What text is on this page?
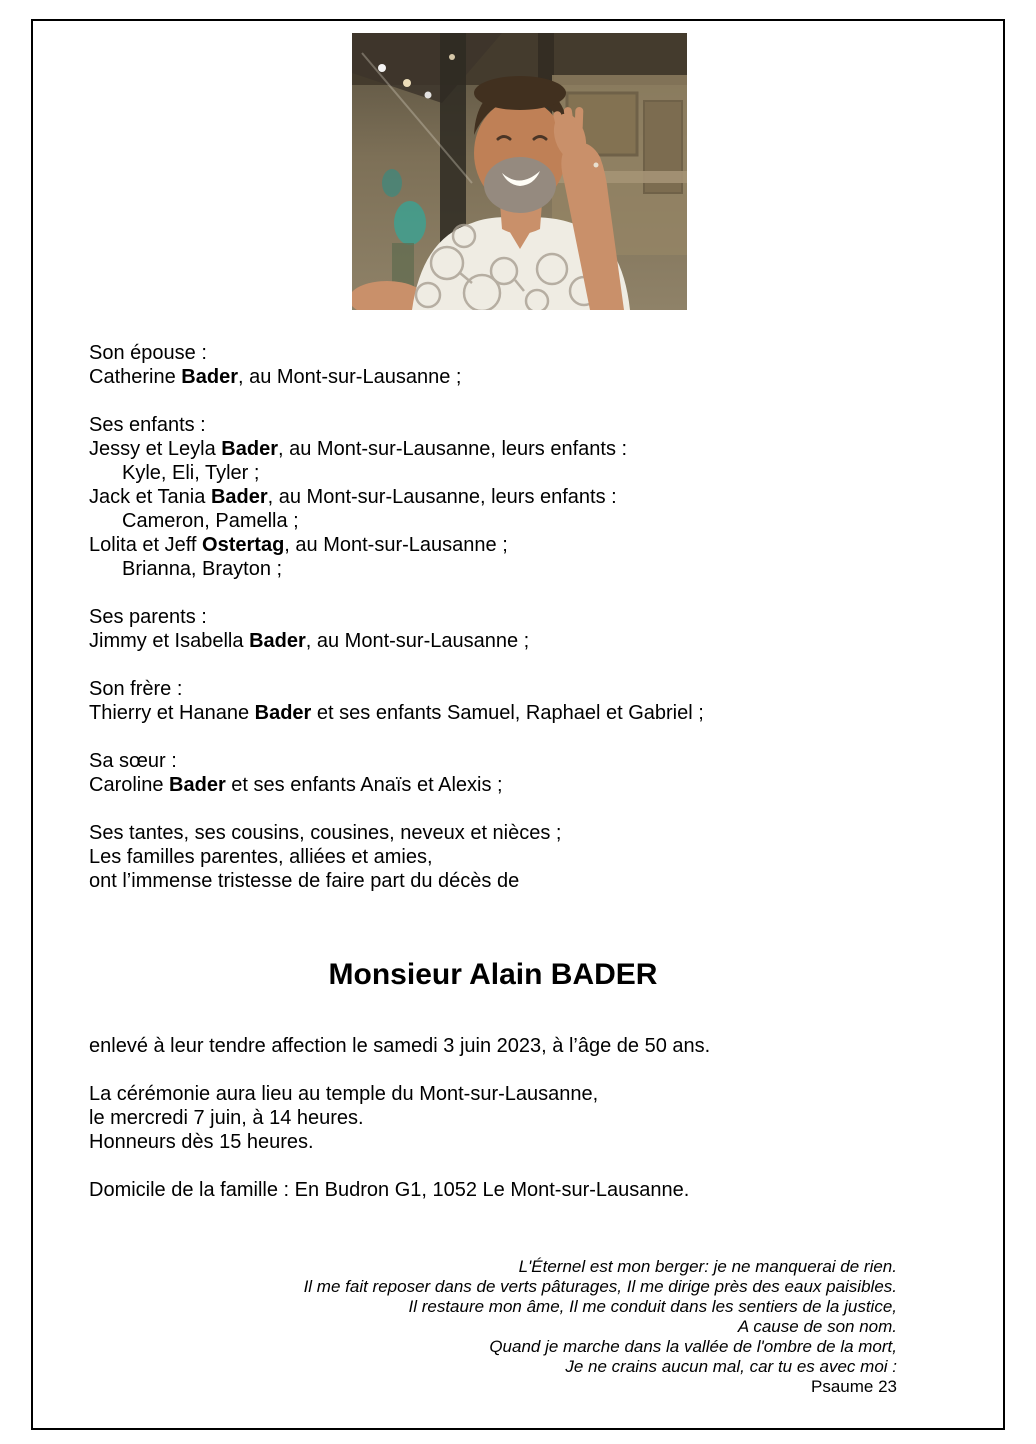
Son épouse :
Catherine Bader, au Mont-sur-Lausanne ;
Ses enfants :
Jessy et Leyla Bader, au Mont-sur-Lausanne, leurs enfants :
Kyle, Eli, Tyler ;
Jack et Tania Bader, au Mont-sur-Lausanne, leurs enfants :
Cameron, Pamella ;
Lolita et Jeff Ostertag, au Mont-sur-Lausanne ;
Brianna, Brayton ;
Ses parents :
Jimmy et Isabella Bader, au Mont-sur-Lausanne ;
Son frère :
Thierry et Hanane Bader et ses enfants Samuel, Raphael et Gabriel ;
Sa sœur :
Caroline Bader et ses enfants Anaïs et Alexis ;
Ses tantes, ses cousins, cousines, neveux et nièces ;
Les familles parentes, alliées et amies,
ont l’immense tristesse de faire part du décès de
Monsieur Alain BADER
enlevé à leur tendre affection le samedi 3 juin 2023, à l’âge de 50 ans.
La cérémonie aura lieu au temple du Mont-sur-Lausanne,
le mercredi 7 juin, à 14 heures.
Honneurs dès 15 heures.
Domicile de la famille : En Budron G1, 1052 Le Mont-sur-Lausanne.
L'Éternel est mon berger: je ne manquerai de rien.
Il me fait reposer dans de verts pâturages, Il me dirige près des eaux paisibles.
Il restaure mon âme, Il me conduit dans les sentiers de la justice,
A cause de son nom.
Quand je marche dans la vallée de l'ombre de la mort,
Je ne crains aucun mal, car tu es avec moi :
Psaume 23
